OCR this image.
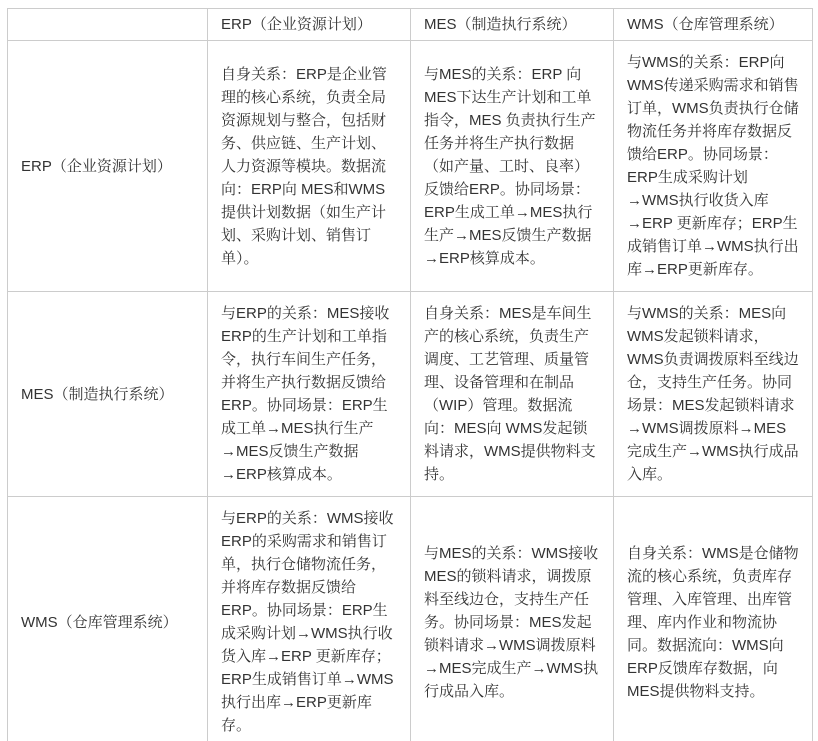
	ERP（企业资源计划）	MES（制造执行系统）	WMS（仓库管理系统）
ERP（企业资源计划）	自身关系：ERP是企业管理的核心系统，负责全局资源规划与整合，包括财务、供应链、生产计划、人力资源等模块。数据流向：ERP向 MES和WMS提供计划数据（如生产计划、采购计划、销售订单）。	与MES的关系：ERP 向MES下达生产计划和工单指令，MES 负责执行生产任务并将生产执行数据（如产量、工时、良率）反馈给ERP。协同场景：ERP生成工单→MES执行生产→MES反馈生产数据→ERP核算成本。	与WMS的关系：ERP向WMS传递采购需求和销售订单，WMS负责执行仓储物流任务并将库存数据反馈给ERP。协同场景：ERP生成采购计划 →WMS执行收货入库→ERP 更新库存；ERP生成销售订单→WMS执行出库→ERP更新库存。
MES（制造执行系统）	与ERP的关系：MES接收ERP的生产计划和工单指令，执行车间生产任务，并将生产执行数据反馈给ERP。协同场景：ERP生成工单→MES执行生产→MES反馈生产数据→ERP核算成本。	自身关系：MES是车间生产的核心系统，负责生产调度、工艺管理、质量管理、设备管理和在制品（WIP）管理。数据流向：MES向 WMS发起锁料请求，WMS提供物料支持。	与WMS的关系：MES向WMS发起锁料请求，WMS负责调拨原料至线边仓，支持生产任务。协同场景：MES发起锁料请求→WMS调拨原料→MES完成生产→WMS执行成品入库。
WMS（仓库管理系统）	与ERP的关系：WMS接收ERP的采购需求和销售订单，执行仓储物流任务，并将库存数据反馈给ERP。协同场景：ERP生成采购计划→WMS执行收货入库→ERP 更新库存；ERP生成销售订单→WMS执行出库→ERP更新库存。	与MES的关系：WMS接收MES的锁料请求，调拨原料至线边仓，支持生产任务。协同场景：MES发起锁料请求→WMS调拨原料→MES完成生产→WMS执行成品入库。	自身关系：WMS是仓储物流的核心系统，负责库存管理、入库管理、出库管理、库内作业和物流协同。数据流向：WMS向ERP反馈库存数据，向MES提供物料支持。
